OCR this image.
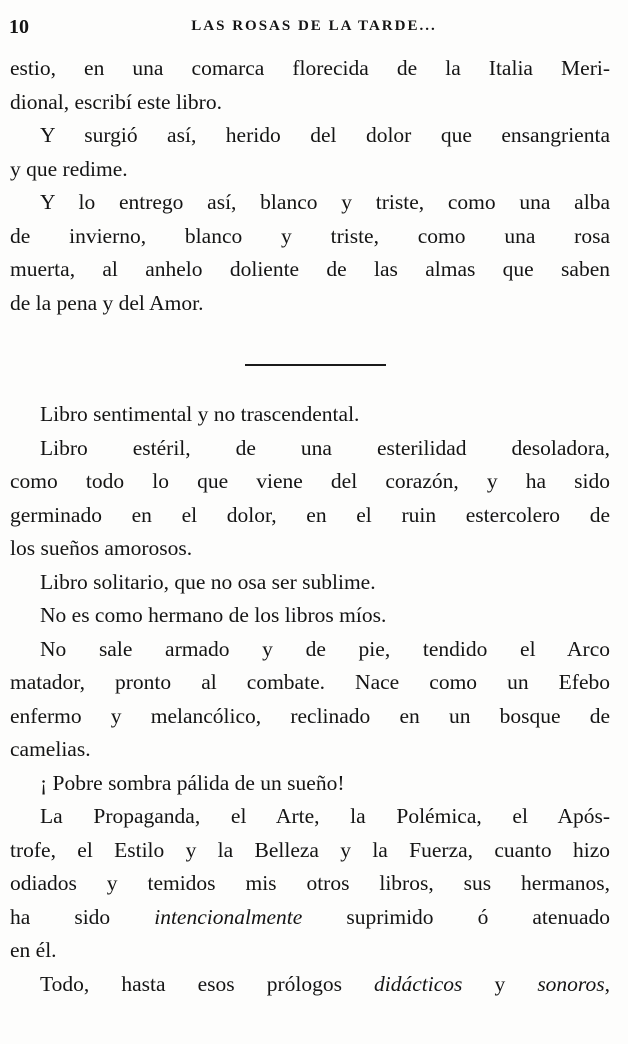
10	LAS ROSAS DE LA TARDE...
estio, en una comarca florecida de la Italia Meri-
dional, escribí este libro.
Y surgió así, herido del dolor que ensangrienta
y que redime.
Y lo entrego así, blanco y triste, como una alba
de invierno, blanco y triste, como una rosa
muerta, al anhelo doliente de las almas que saben
de la pena y del Amor.
Libro sentimental y no trascendental.
Libro estéril, de una esterilidad desoladora,
como todo lo que viene del corazón, y ha sido
germinado en el dolor, en el ruin estercolero de
los sueños amorosos.
Libro solitario, que no osa ser sublime.
No es como hermano de los libros míos.
No sale armado y de pie, tendido el Arco
matador, pronto al combate. Nace como un Efebo
enfermo y melancólico, reclinado en un bosque de
camelias.
¡ Pobre sombra pálida de un sueño!
La Propaganda, el Arte, la Polémica, el Após-
trofe, el Estilo y la Belleza y la Fuerza, cuanto hizo
odiados y temidos mis otros libros, sus hermanos,
ha sido intencionalmente suprimido ó atenuado
en él.
Todo, hasta esos prólogos didácticos y sonoros,
